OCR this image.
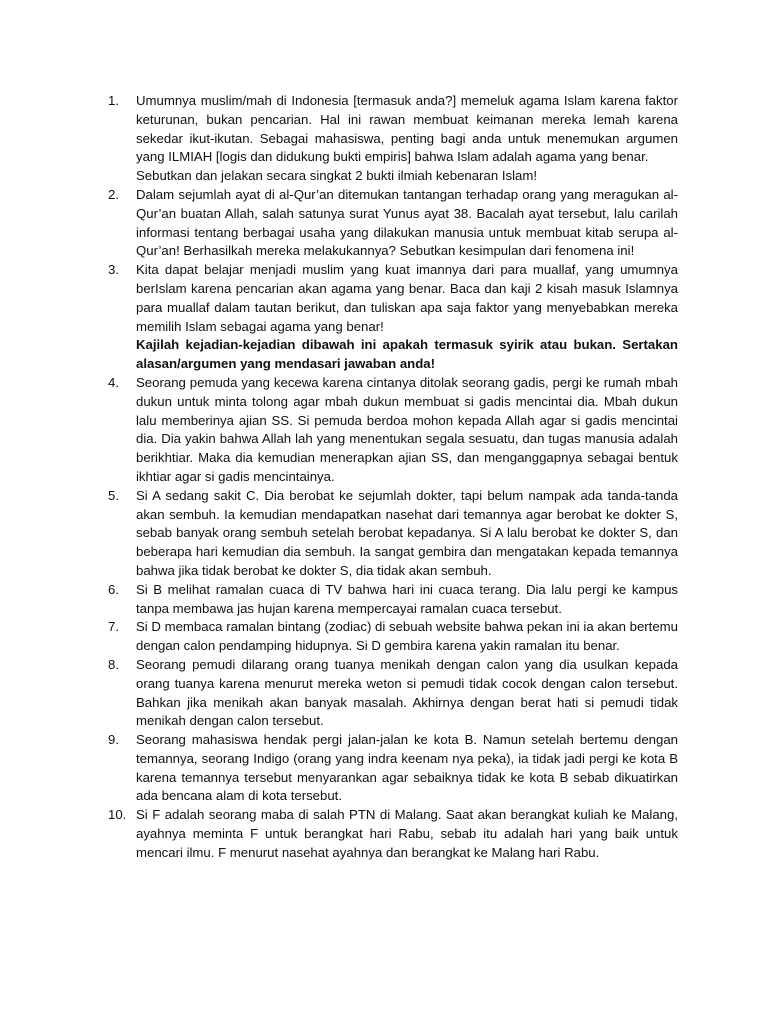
1.	Umumnya muslim/mah di Indonesia [termasuk anda?] memeluk agama Islam karena faktor keturunan, bukan pencarian. Hal ini rawan membuat keimanan mereka lemah karena sekedar ikut-ikutan. Sebagai mahasiswa, penting bagi anda untuk menemukan argumen yang ILMIAH [logis dan didukung bukti empiris] bahwa Islam adalah agama yang benar.

Sebutkan dan jelakan secara singkat 2 bukti ilmiah kebenaran Islam!

2.	Dalam sejumlah ayat di al-Qur’an ditemukan tantangan terhadap orang yang meragukan al-Qur’an buatan Allah, salah satunya surat Yunus ayat 38. Bacalah ayat tersebut, lalu carilah informasi tentang berbagai usaha yang dilakukan manusia untuk membuat kitab serupa al-Qur’an! Berhasilkah mereka melakukannya? Sebutkan kesimpulan dari fenomena ini!

3.	Kita dapat belajar menjadi muslim yang kuat imannya dari para muallaf, yang umumnya berIslam karena pencarian akan agama yang benar. Baca dan kaji 2 kisah masuk Islamnya para muallaf dalam tautan berikut, dan tuliskan apa saja faktor yang menyebabkan mereka memilih Islam sebagai agama yang benar!

Kajilah kejadian-kejadian dibawah ini apakah termasuk syirik atau bukan. Sertakan alasan/argumen yang mendasari jawaban anda!

4.	Seorang pemuda yang kecewa karena cintanya ditolak seorang gadis, pergi ke rumah mbah dukun untuk minta tolong agar mbah dukun membuat si gadis mencintai dia. Mbah dukun lalu memberinya ajian SS. Si pemuda berdoa mohon kepada Allah agar si gadis mencintai dia. Dia yakin bahwa Allah lah yang menentukan segala sesuatu, dan tugas manusia adalah berikhtiar. Maka dia kemudian menerapkan ajian SS, dan menganggapnya sebagai bentuk ikhtiar agar si gadis mencintainya.

5.	Si A sedang sakit C. Dia berobat ke sejumlah dokter, tapi belum nampak ada tanda-tanda akan sembuh. Ia kemudian mendapatkan nasehat dari temannya agar berobat ke dokter S, sebab banyak orang sembuh setelah berobat kepadanya. Si A lalu berobat ke dokter S, dan beberapa hari kemudian dia sembuh. Ia sangat gembira dan mengatakan kepada temannya bahwa jika tidak berobat ke dokter S, dia tidak akan sembuh.

6.	Si B melihat ramalan cuaca di TV bahwa hari ini cuaca terang. Dia lalu pergi ke kampus tanpa membawa jas hujan karena mempercayai ramalan cuaca tersebut.

7.	Si D membaca ramalan bintang (zodiac) di sebuah website bahwa pekan ini ia akan bertemu dengan calon pendamping hidupnya. Si D gembira karena yakin ramalan itu benar.

8.	Seorang pemudi dilarang orang tuanya menikah dengan calon yang dia usulkan kepada orang tuanya karena menurut mereka weton si pemudi tidak cocok dengan calon tersebut. Bahkan jika menikah akan banyak masalah. Akhirnya dengan berat hati si pemudi tidak menikah dengan calon tersebut.

9.	Seorang mahasiswa hendak pergi jalan-jalan ke kota B. Namun setelah bertemu dengan temannya, seorang Indigo (orang yang indra keenam nya peka), ia tidak jadi pergi ke kota B karena temannya tersebut menyarankan agar sebaiknya tidak ke kota B sebab dikuatirkan ada bencana alam di kota tersebut.

10. Si F adalah seorang maba di salah PTN di Malang. Saat akan berangkat kuliah ke Malang, ayahnya meminta F untuk berangkat hari Rabu, sebab itu adalah hari yang baik untuk mencari ilmu. F menurut nasehat ayahnya dan berangkat ke Malang hari Rabu.
